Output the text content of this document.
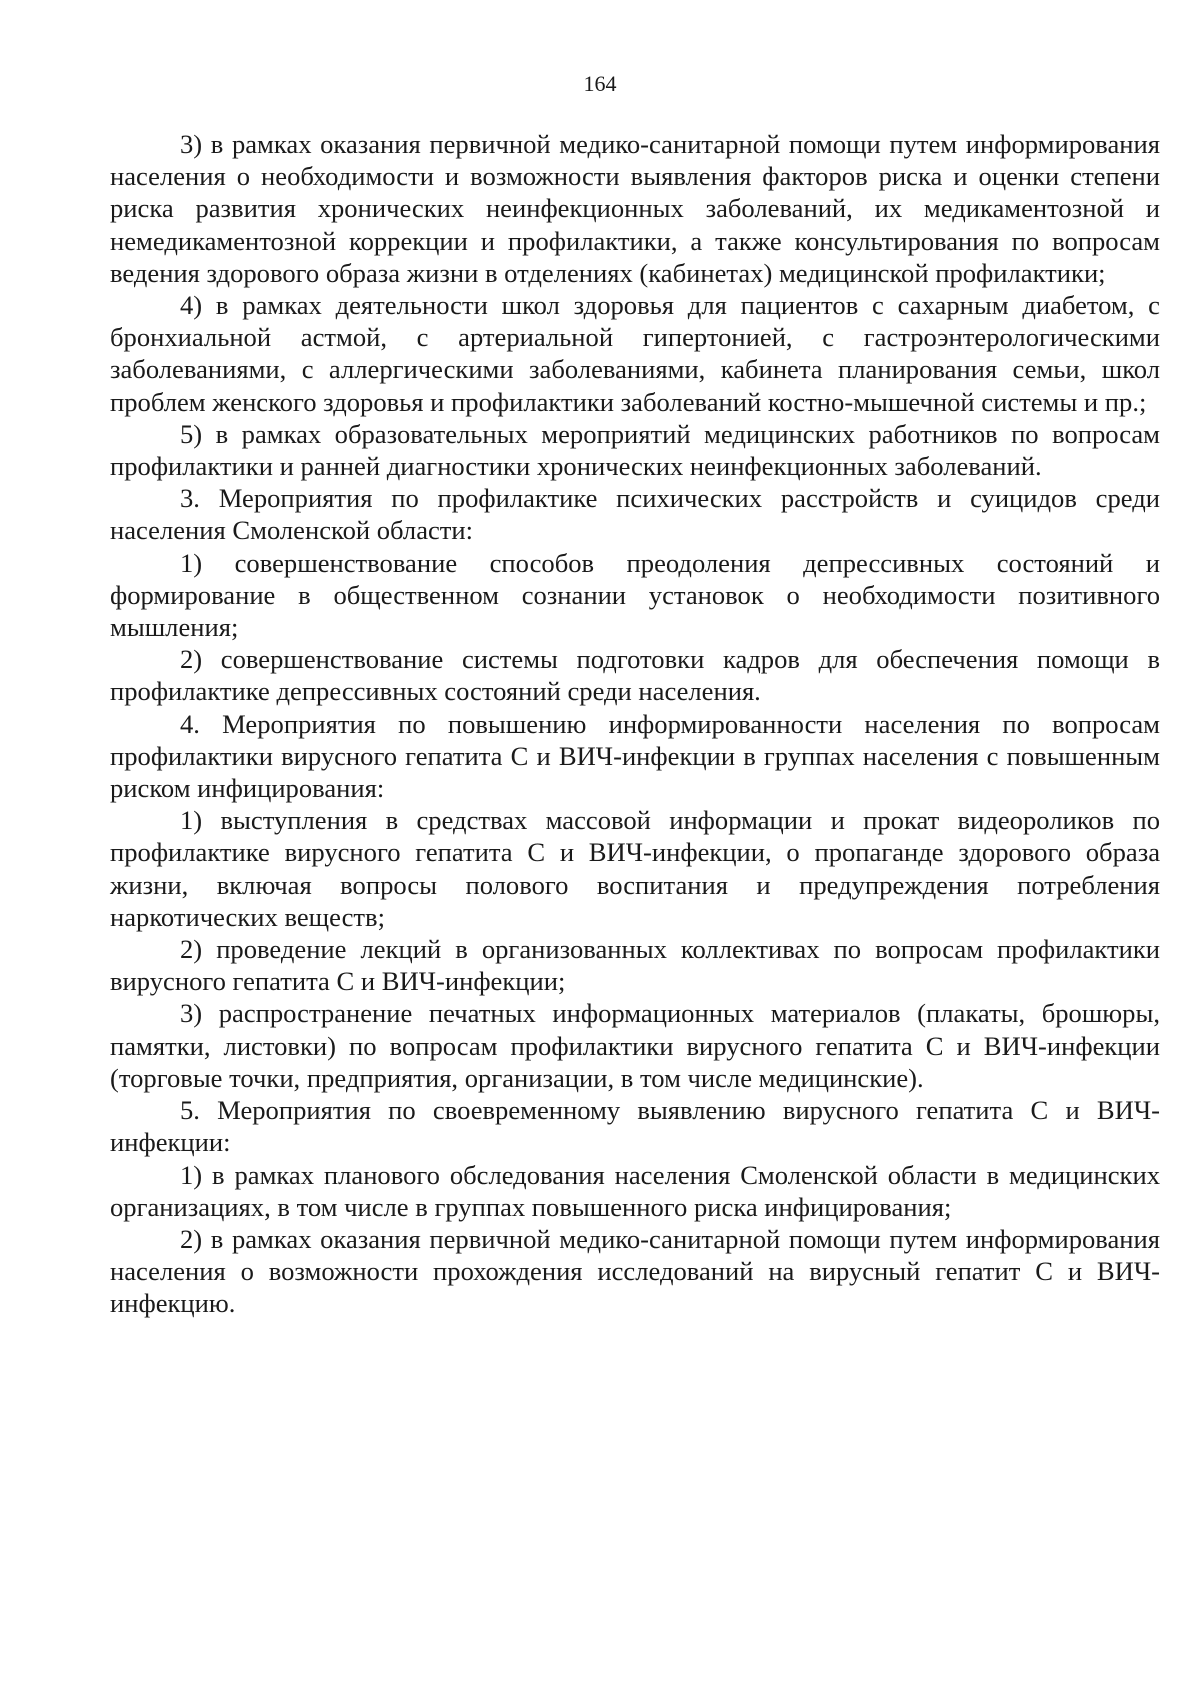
164

3) в рамках оказания первичной медико-санитарной помощи путем информирования населения о необходимости и возможности выявления факторов риска и оценки степени риска развития хронических неинфекционных заболеваний, их медикаментозной и немедикаментозной коррекции и профилактики, а также консультирования по вопросам ведения здорового образа жизни в отделениях (кабинетах) медицинской профилактики;

4) в рамках деятельности школ здоровья для пациентов с сахарным диабетом, с бронхиальной астмой, с артериальной гипертонией, с гастроэнтерологическими заболеваниями, с аллергическими заболеваниями, кабинета планирования семьи, школ проблем женского здоровья и профилактики заболеваний костно-мышечной системы и пр.;

5) в рамках образовательных мероприятий медицинских работников по вопросам профилактики и ранней диагностики хронических неинфекционных заболеваний.

3. Мероприятия по профилактике психических расстройств и суицидов среди населения Смоленской области:

1) совершенствование способов преодоления депрессивных состояний и формирование в общественном сознании установок о необходимости позитивного мышления;

2) совершенствование системы подготовки кадров для обеспечения помощи в профилактике депрессивных состояний среди населения.

4. Мероприятия по повышению информированности населения по вопросам профилактики вирусного гепатита С и ВИЧ-инфекции в группах населения с повышенным риском инфицирования:

1) выступления в средствах массовой информации и прокат видеороликов по профилактике вирусного гепатита С и ВИЧ-инфекции, о пропаганде здорового образа жизни, включая вопросы полового воспитания и предупреждения потребления наркотических веществ;

2) проведение лекций в организованных коллективах по вопросам профилактики вирусного гепатита С и ВИЧ-инфекции;

3) распространение печатных информационных материалов (плакаты, брошюры, памятки, листовки) по вопросам профилактики вирусного гепатита С и ВИЧ-инфекции (торговые точки, предприятия, организации, в том числе медицинские).

5. Мероприятия по своевременному выявлению вирусного гепатита С и ВИЧ-инфекции:

1) в рамках планового обследования населения Смоленской области в медицинских организациях, в том числе в группах повышенного риска инфицирования;

2) в рамках оказания первичной медико-санитарной помощи путем информирования населения о возможности прохождения исследований на вирусный гепатит С и ВИЧ-инфекцию.
